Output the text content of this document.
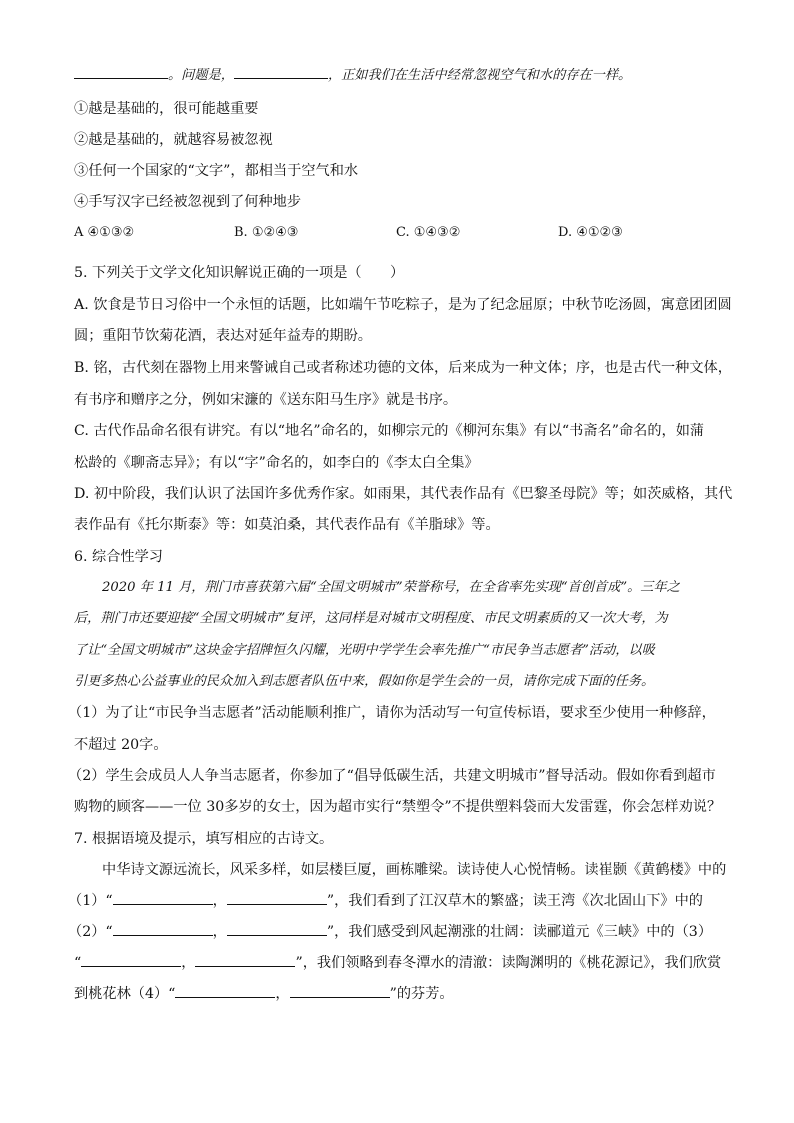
。问题是，	，正如我们在生活中经常忽视空气和水的存在一样。
①越是基础的，很可能越重要
②越是基础的，就越容易被忽视
③任何一个国家的“文字”，都相当于空气和水
④手写汉字已经被忽视到了何种地步
A ④①③②	B. ①②④③	C. ①④③②	D. ④①②③
5. 下列关于文学文化知识解说正确的一项是（　　）
A. 饮食是节日习俗中一个永恒的话题，比如端午节吃粽子，是为了纪念屈原；中秋节吃汤圆，寓意团团圆
圆；重阳节饮菊花酒，表达对延年益寿的期盼。
B. 铭，古代刻在器物上用来警诫自己或者称述功德的文体，后来成为一种文体；序，也是古代一种文体，
有书序和赠序之分，例如宋濂的《送东阳马生序》就是书序。
C. 古代作品命名很有讲究。有以“地名”命名的，如柳宗元的《柳河东集》有以“书斋名”命名的，如蒲
松龄的《聊斋志异》；有以“字”命名的，如李白的《李太白全集》
D. 初中阶段，我们认识了法国许多优秀作家。如雨果，其代表作品有《巴黎圣母院》等；如茨威格，其代
表作品有《托尔斯泰》等：如莫泊桑，其代表作品有《羊脂球》等。
6. 综合性学习
2020 年 11 月，荆门市喜获第六届“全国文明城市”荣誉称号，在全省率先实现“首创首成”。三年之
后，荆门市还要迎接“全国文明城市”复评，这同样是对城市文明程度、市民文明素质的又一次大考，为
了让“全国文明城市”这块金字招牌恒久闪耀，光明中学学生会率先推广“市民争当志愿者”活动，以吸
引更多热心公益事业的民众加入到志愿者队伍中来，假如你是学生会的一员，请你完成下面的任务。
（1）为了让“市民争当志愿者”活动能顺利推广，请你为活动写一句宣传标语，要求至少使用一种修辞，
不超过 20字。
（2）学生会成员人人争当志愿者，你参加了“倡导低碳生活，共建文明城市”督导活动。假如你看到超市
购物的顾客——一位 30多岁的女士，因为超市实行“禁塑令”不提供塑料袋而大发雷霆，你会怎样劝说？
7. 根据语境及提示，填写相应的古诗文。
中华诗文源远流长，风采多样，如层楼巨厦，画栋雕梁。读诗使人心悦情畅。读崔颢《黄鹤楼》中的
（1）“	，	”，我们看到了江汉草木的繁盛；读王湾《次北固山下》中的
（2）“	，	”，我们感受到风起潮涨的壮阔：读郦道元《三峡》中的（3）
“	，	”，我们领略到春冬潭水的清澈：读陶渊明的《桃花源记》，我们欣赏
到桃花林（4）“	，	”的芬芳。
